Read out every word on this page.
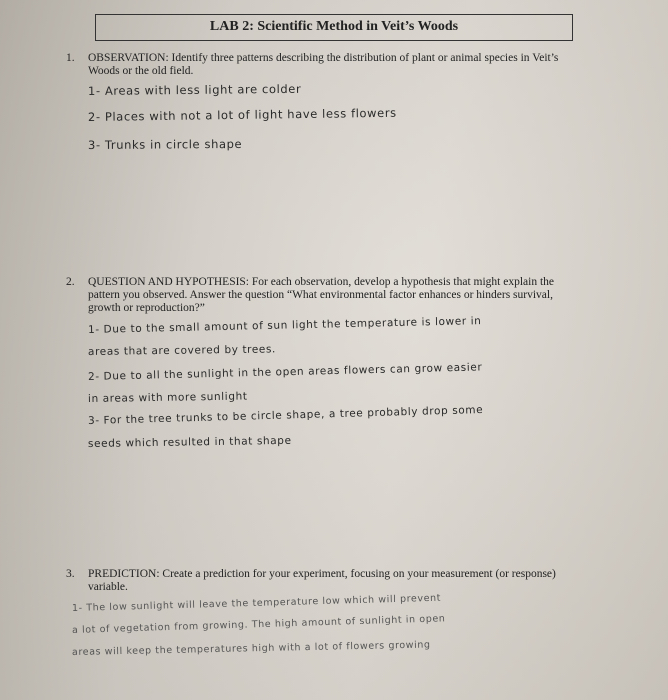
LAB 2: Scientific Method in Veit’s Woods
1. OBSERVATION: Identify three patterns describing the distribution of plant or animal species in Veit’s Woods or the old field.
1- Areas with less light are colder
2- Places with not a lot of light have less flowers
3- Trunks in circle shape
2. QUESTION AND HYPOTHESIS: For each observation, develop a hypothesis that might explain the pattern you observed. Answer the question “What environmental factor enhances or hinders survival, growth or reproduction?”
1- Due to the small amount of sun light the temperature is lower in
areas that are covered by trees.
2- Due to all the sunlight in the open areas flowers can grow easier
in areas with more sunlight
3- For the tree trunks to be circle shape, a tree probably drop some
seeds which resulted in that shape
3. PREDICTION: Create a prediction for your experiment, focusing on your measurement (or response) variable.
1- The low sunlight will leave the temperature low which will prevent
a lot of vegetation from growing. The high amount of sunlight in open
areas will keep the temperatures high with a lot of flowers growing
